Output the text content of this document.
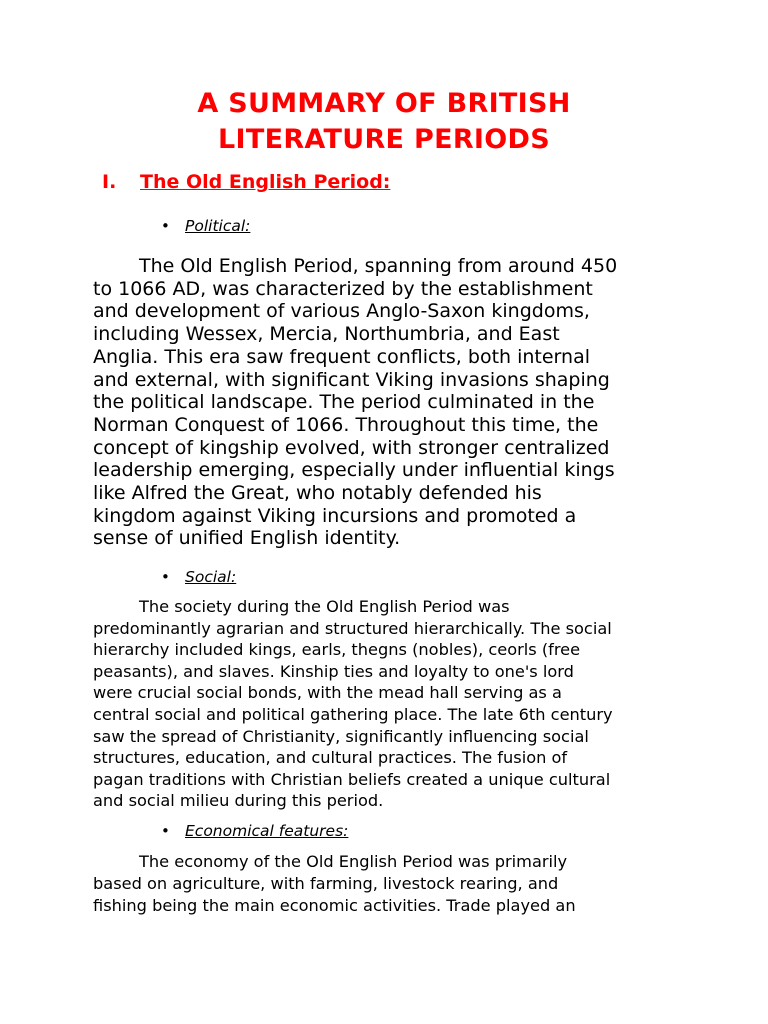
A SUMMARY OF BRITISH
LITERATURE PERIODS
I. The Old English Period:
• Political:
The Old English Period, spanning from around 450
to 1066 AD, was characterized by the establishment
and development of various Anglo-Saxon kingdoms,
including Wessex, Mercia, Northumbria, and East
Anglia. This era saw frequent conflicts, both internal
and external, with significant Viking invasions shaping
the political landscape. The period culminated in the
Norman Conquest of 1066. Throughout this time, the
concept of kingship evolved, with stronger centralized
leadership emerging, especially under influential kings
like Alfred the Great, who notably defended his
kingdom against Viking incursions and promoted a
sense of unified English identity.
• Social:
The society during the Old English Period was
predominantly agrarian and structured hierarchically. The social
hierarchy included kings, earls, thegns (nobles), ceorls (free
peasants), and slaves. Kinship ties and loyalty to one's lord
were crucial social bonds, with the mead hall serving as a
central social and political gathering place. The late 6th century
saw the spread of Christianity, significantly influencing social
structures, education, and cultural practices. The fusion of
pagan traditions with Christian beliefs created a unique cultural
and social milieu during this period.
• Economical features:
The economy of the Old English Period was primarily
based on agriculture, with farming, livestock rearing, and
fishing being the main economic activities. Trade played an
